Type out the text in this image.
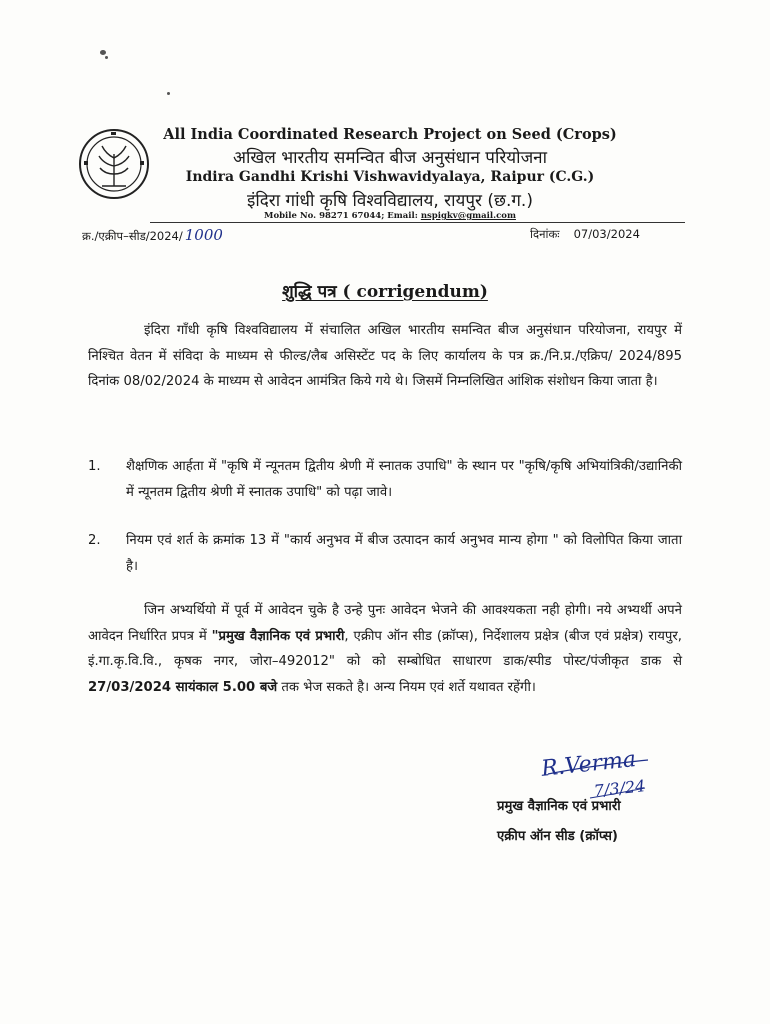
All India Coordinated Research Project on Seed (Crops)
अखिल भारतीय समन्वित बीज अनुसंधान परियोजना
Indira Gandhi Krishi Vishwavidyalaya, Raipur (C.G.)
इंदिरा गांधी कृषि विश्वविद्यालय, रायपुर (छ.ग.)
Mobile No. 98271 67044; Email: nspigkv@gmail.com
क्र./एक्रीप–सीड/2024/ 1000	दिनांकः 07/03/2024
शुद्धि पत्र ( corrigendum)
इंदिरा गाँधी कृषि विश्वविद्यालय में संचालित अखिल भारतीय समन्वित बीज अनुसंधान परियोजना, रायपुर में निश्चित वेतन में संविदा के माध्यम से फील्ड/लैब असिस्टेंट पद के लिए कार्यालय के पत्र क्र./नि.प्र./एक्रिप/ 2024/895 दिनांक 08/02/2024 के माध्यम से आवेदन आमंत्रित किये गये थे। जिसमें निम्नलिखित आंशिक संशोधन किया जाता है।
1.	शैक्षणिक आर्हता में "कृषि में न्यूनतम द्वितीय श्रेणी में स्नातक उपाधि" के स्थान पर "कृषि/कृषि अभियांत्रिकी/उद्यानिकी में न्यूनतम द्वितीय श्रेणी में स्नातक उपाधि" को पढ़ा जावे।
2.	नियम एवं शर्त के क्रमांक 13 में "कार्य अनुभव में बीज उत्पादन कार्य अनुभव मान्य होगा " को विलोपित किया जाता है।
जिन अभ्यर्थियो में पूर्व में आवेदन चुके है उन्हे पुनः आवेदन भेजने की आवश्यकता नही होगी। नये अभ्यर्थी अपने आवेदन निर्धारित प्रपत्र में "प्रमुख वैज्ञानिक एवं प्रभारी, एक्रीप ऑन सीड (क्रॉप्स), निर्देशालय प्रक्षेत्र (बीज एवं प्रक्षेत्र) रायपुर, इं.गा.कृ.वि.वि., कृषक नगर, जोरा–492012" को को सम्बोधित साधारण डाक/स्पीड पोस्ट/पंजीकृत डाक से 27/03/2024 सायंकाल 5.00 बजे तक भेज सकते है। अन्य नियम एवं शर्ते यथावत रहेंगी।
R.Verma
7/3/24
प्रमुख वैज्ञानिक एवं प्रभारी
एक्रीप ऑन सीड (क्रॉप्स)
